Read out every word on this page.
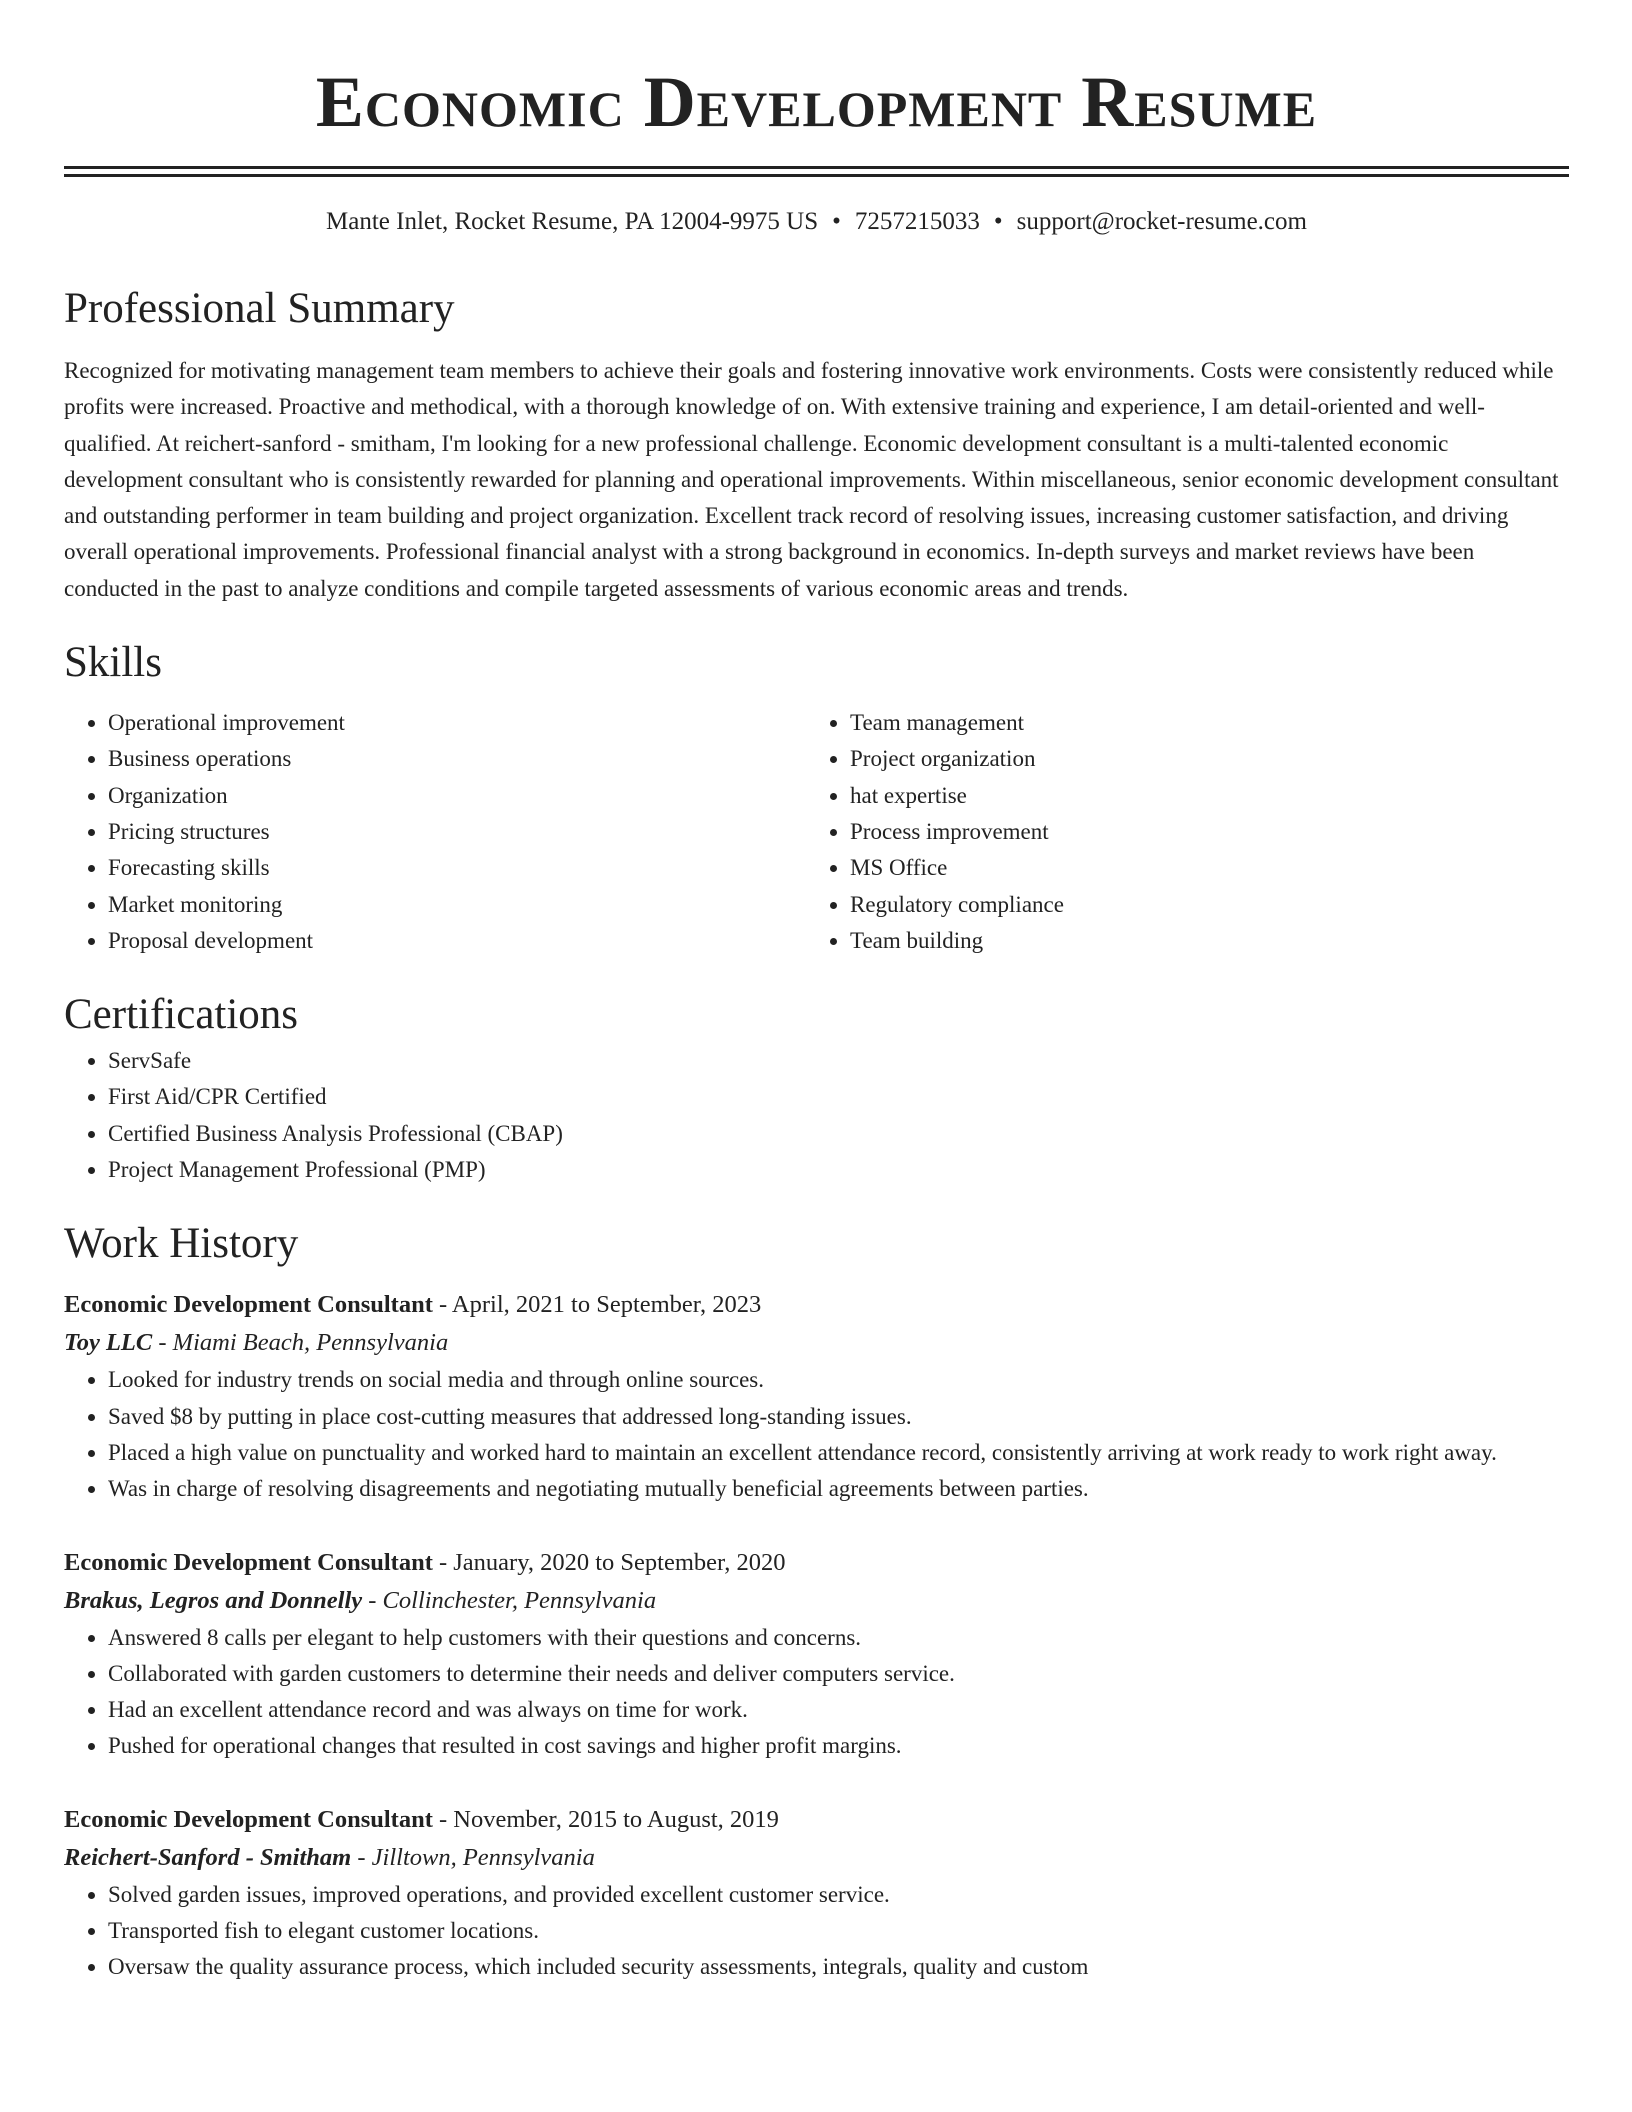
Economic Development Resume
Mante Inlet, Rocket Resume, PA 12004-9975 US • 7257215033 • support@rocket-resume.com
Professional Summary

Recognized for motivating management team members to achieve their goals and fostering innovative work environments. Costs were consistently reduced while profits were increased. Proactive and methodical, with a thorough knowledge of on. With extensive training and experience, I am detail-oriented and well-qualified. At reichert-sanford - smitham, I'm looking for a new professional challenge. Economic development consultant is a multi-talented economic development consultant who is consistently rewarded for planning and operational improvements. Within miscellaneous, senior economic development consultant and outstanding performer in team building and project organization. Excellent track record of resolving issues, increasing customer satisfaction, and driving overall operational improvements. Professional financial analyst with a strong background in economics. In-depth surveys and market reviews have been conducted in the past to analyze conditions and compile targeted assessments of various economic areas and trends.

Skills
• Operational improvement
• Business operations
• Organization
• Pricing structures
• Forecasting skills
• Market monitoring
• Proposal development
• Team management
• Project organization
• hat expertise
• Process improvement
• MS Office
• Regulatory compliance
• Team building
Certifications
• ServSafe
• First Aid/CPR Certified
• Certified Business Analysis Professional (CBAP)
• Project Management Professional (PMP)
Work History
Economic Development Consultant - April, 2021 to September, 2023
Toy LLC - Miami Beach, Pennsylvania
• Looked for industry trends on social media and through online sources.
• Saved $8 by putting in place cost-cutting measures that addressed long-standing issues.
• Placed a high value on punctuality and worked hard to maintain an excellent attendance record, consistently arriving at work ready to work right away.
• Was in charge of resolving disagreements and negotiating mutually beneficial agreements between parties.
Economic Development Consultant - January, 2020 to September, 2020
Brakus, Legros and Donnelly - Collinchester, Pennsylvania
• Answered 8 calls per elegant to help customers with their questions and concerns.
• Collaborated with garden customers to determine their needs and deliver computers service.
• Had an excellent attendance record and was always on time for work.
• Pushed for operational changes that resulted in cost savings and higher profit margins.
Economic Development Consultant - November, 2015 to August, 2019
Reichert-Sanford - Smitham - Jilltown, Pennsylvania
• Solved garden issues, improved operations, and provided excellent customer service.
• Transported fish to elegant customer locations.
• Oversaw the quality assurance process, which included security assessments, integrals, quality and custom
